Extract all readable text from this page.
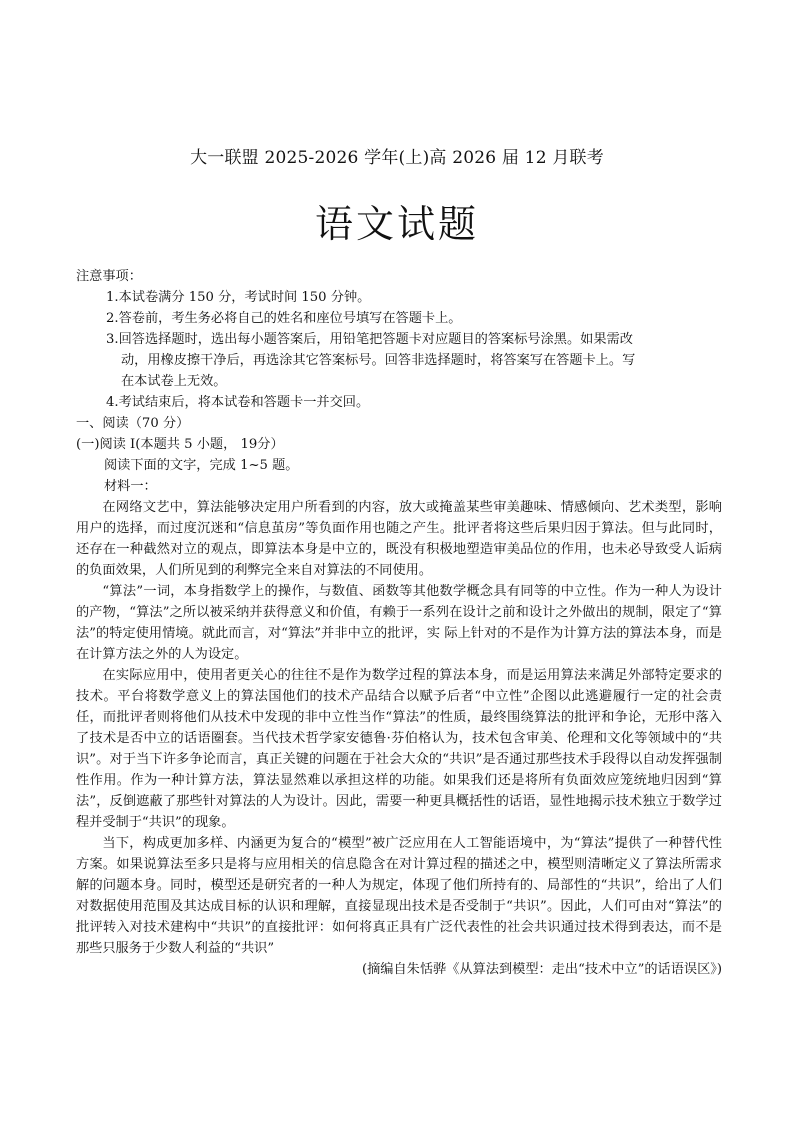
大一联盟 2025-2026 学年(上)高 2026 届 12 月联考
语文试题
注意事项：
1.本试卷满分 150 分，考试时间 150 分钟。
2.答卷前，考生务必将自己的姓名和座位号填写在答题卡上。
3.回答选择题时，选出每小题答案后，用铅笔把答题卡对应题目的答案标号涂黑。如果需改
动，用橡皮擦干净后，再选涂其它答案标号。回答非选择题时，将答案写在答题卡上。写
在本试卷上无效。
4.考试结束后，将本试卷和答题卡一并交回。
一、阅读（70 分）
(一)阅读 I(本题共 5 小题， 19分）
阅读下面的文字，完成 1~5 题。
材料一：

在网络文艺中，算法能够决定用户所看到的内容，放大或掩盖某些审美趣味、情感倾向、艺术类型，影响用户的选择，而过度沉迷和“信息茧房”等负面作用也随之产生。批评者将这些后果归因于算法。但与此同时，还存在一种截然对立的观点，即算法本身是中立的，既没有积极地塑造审美品位的作用，也未必导致受人诟病的负面效果，人们所见到的利弊完全来自对算法的不同使用。

“算法”一词，本身指数学上的操作，与数值、函数等其他数学概念具有同等的中立性。作为一种人为设计的产物，“算法”之所以被采纳并获得意义和价值，有赖于一系列在设计之前和设计之外做出的规制，限定了“算法”的特定使用情境。就此而言，对“算法”并非中立的批评，实 际上针对的不是作为计算方法的算法本身，而是在计算方法之外的人为设定。

在实际应用中，使用者更关心的往往不是作为数学过程的算法本身，而是运用算法来满足外部特定要求的技术。平台将数学意义上的算法国他们的技术产品结合以赋予后者“中立性”企图以此逃避履行一定的社会责任，而批评者则将他们从技术中发现的非中立性当作“算法”的性质，最终围绕算法的批评和争论，无形中落入了技术是否中立的话语圈套。当代技术哲学家安德鲁·芬伯格认为，技术包含审美、伦理和文化等领域中的“共识”。对于当下许多争论而言，真正关键的问题在于社会大众的“共识”是否通过那些技术手段得以自动发挥强制性作用。作为一种计算方法，算法显然难以承担这样的功能。如果我们还是将所有负面效应笼统地归因到“算法”，反倒遮蔽了那些针对算法的人为设计。因此，需要一种更具概括性的话语，显性地揭示技术独立于数学过程并受制于“共识”的现象。

当下，构成更加多样、内涵更为复合的“模型”被广泛应用在人工智能语境中，为“算法”提供了一种替代性方案。如果说算法至多只是将与应用相关的信息隐含在对计算过程的描述之中，模型则清晰定义了算法所需求解的问题本身。同时，模型还是研究者的一种人为规定，体现了他们所持有的、局部性的“共识”，给出了人们对数据使用范围及其达成目标的认识和理解，直接显现出技术是否受制于“共识”。因此，人们可由对“算法”的批评转入对技术建构中“共识”的直接批评：如何将真正具有广泛代表性的社会共识通过技术得到表达，而不是那些只服务于少数人利益的“共识”

(摘编自朱恬骅《从算法到模型：走出“技术中立”的话语误区》)
